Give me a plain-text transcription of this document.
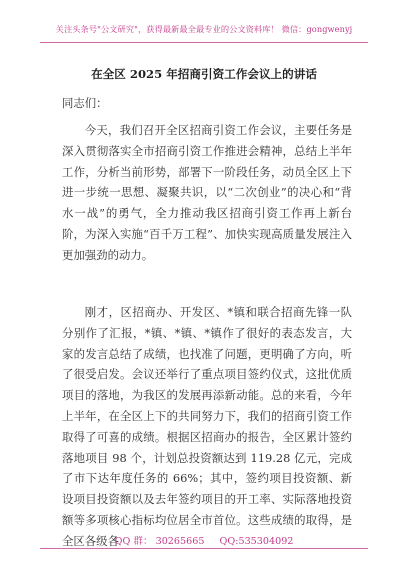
关注头条号"公文研究"，获得最新最全最专业的公文资料库！ 微信：gongwenyj
在全区 2025 年招商引资工作会议上的讲话
同志们：
今天，我们召开全区招商引资工作会议，主要任务是深入贯彻落实全市招商引资工作推进会精神，总结上半年工作，分析当前形势，部署下一阶段任务，动员全区上下进一步统一思想、凝聚共识，以“二次创业”的决心和“背水一战”的勇气，全力推动我区招商引资工作再上新台阶，为深入实施“百千万工程”、加快实现高质量发展注入更加强劲的动力。
刚才，区招商办、开发区、*镇和联合招商先锋一队分别作了汇报，*镇、*镇、*镇作了很好的表态发言，大家的发言总结了成绩，也找准了问题，更明确了方向，听了很受启发。会议还举行了重点项目签约仪式，这批优质项目的落地，为我区的发展再添新动能。总的来看，今年上半年，在全区上下的共同努力下，我们的招商引资工作取得了可喜的成绩。根据区招商办的报告，全区累计签约落地项目 98 个，计划总投资额达到 119.28 亿元，完成了市下达年度任务的 66%；其中，签约项目投资额、新设项目投资额以及去年签约项目的开工率、实际落地投资额等多项核心指标均位居全市首位。这些成绩的取得，是全区各级各
QQ 群： 30265665 QQ:535304092
